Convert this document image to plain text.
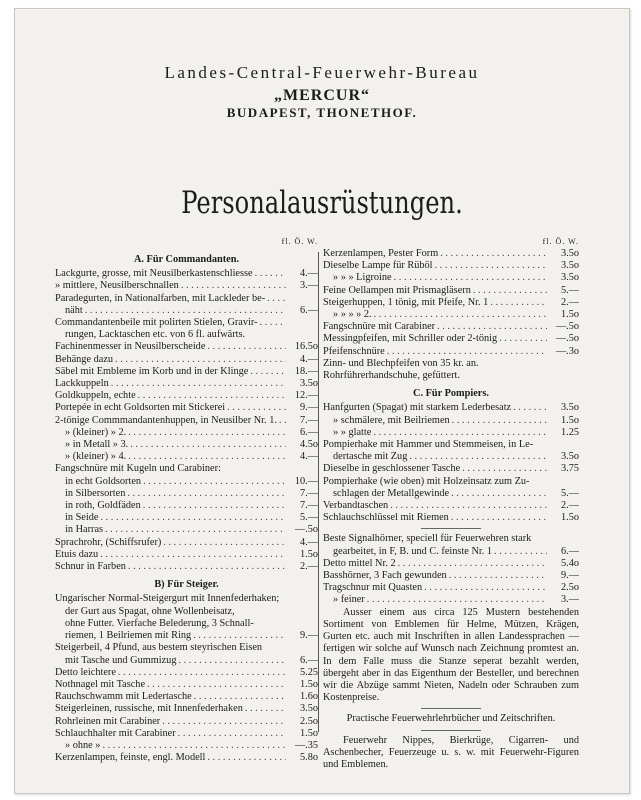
Landes-Central-Feuerwehr-Bureau
„MERCUR“
BUDAPEST, THONETHOF.
Personalausrüstungen.
fl. Ö. W.
A. Für Commandanten.
Lackgurte, grosse, mit Neusilberkastenschliesse . . .	4.—
» mittlere, Neusilberschnallen . . .	3.—
Paradegurten, in Nationalfarben, mit Lackleder be-
. . .
näht . . .	6.—
Commandantenbeile mit polirten Stielen, Gravir-
. . .
rungen, Lacktaschen etc. von 6 fl. aufwärts.
Fachinenmesser in Neusilberscheide . . .	16.5o
Behänge dazu . . .	4.—
Säbel mit Embleme im Korb und in der Klinge . . .	18.—
Lackkuppeln . . .	3.5o
Goldkuppeln, echte . . .	12.—
Portepée in echt Goldsorten mit Stickerei . . .	9.—
2-tönige Commmandantenhuppen, in Neusilber Nr. 1. . . .	7.—
» (kleiner) » 2. . . .	6.—
» in Metall » 3. . . .	4.5o
» (kleiner) » 4. . . .	4.—
Fangschnüre mit Kugeln und Carabiner:
in echt Goldsorten . . .	10.—
in Silbersorten . . .	7.—
in roth, Goldfäden . . .	7.—
in Seide . . .	5.—
in Harras . . .	—.5o
Sprachrohr, (Schiffsrufer) . . .	4.—
Etuis dazu . . .	1.5o
Schnur in Farben . . .	2.—
B) Für Steiger.
Ungarischer Normal-Steigergurt mit Innenfederhaken;
der Gurt aus Spagat, ohne Wollenbeisatz,
ohne Futter. Vierfache Belederung, 3 Schnall-
riemen, 1 Beilriemen mit Ring . . .	9.—
Steigerbeil, 4 Pfund, aus bestem steyrischen Eisen
mit Tasche und Gummizug . . .	6.—
Detto leichtere . . .	5.25
Nothnagel mit Tasche . . .	1.5o
Rauchschwamm mit Ledertasche . . .	1.6o
Steigerleinen, russische, mit Innenfederhaken . . .	3.5o
Rohrleinen mit Carabiner . . .	2.5o
Schlauchhalter mit Carabiner . . .	1.5o
» ohne » . . .	—.35
Kerzenlampen, feinste, engl. Modell . . .	5.8o
fl. Ö. W.
Kerzenlampen, Pester Form . . .	3.5o
Dieselbe Lampe für Rüböl . . .	3.5o
» » » Ligroine . . .	3.5o
Feine Oellampen mit Prismagläsern . . .	5.—
Steigerhuppen, 1 tönig, mit Pfeife, Nr. 1 . . .	2.—
» » » » 2. . . .	1.5o
Fangschnüre mit Carabiner . . .	—.5o
Messingpfeifen, mit Schriller oder 2-tönig . . .	—.5o
Pfeifenschnüre . . .	—.3o
Zinn- und Blechpfeifen von 35 kr. an.
Rohrführerhandschuhe, gefüttert.
C. Für Pompiers.
Hanfgurten (Spagat) mit starkem Lederbesatz . . .	3.5o
» schmälere, mit Beilriemen . . .	1.5o
» » glatte . . .	1.25
Pompierhake mit Hammer und Stemmeisen, in Le-
dertasche mit Zug . . .	3.5o
Dieselbe in geschlossener Tasche . . .	3.75
Pompierhake (wie oben) mit Holzeinsatz zum Zu-
schlagen der Metallgewinde . . .	5.—
Verbandtaschen . . .	2.—
Schlauchschlüssel mit Riemen . . .	1.5o
Beste Signalhörner, speciell für Feuerwehren stark
gearbeitet, in F, B. und C. feinste Nr. 1 . . .	6.—
Detto mittel Nr. 2 . . .	5.4o
Basshörner, 3 Fach gewunden . . .	9.—
Tragschnur mit Quasten . . .	2.5o
» feiner . . .	3.—
Ausser einem aus circa 125 Mustern bestehenden Sortiment von Emblemen für Helme, Mützen, Krägen, Gurten etc. auch mit Inschriften in allen Landessprachen — fertigen wir solche auf Wunsch nach Zeichnung promtest an. In dem Falle muss die Stanze seperat bezahlt werden, übergeht aber in das Eigenthum der Besteller, und berechnen wir die Abzüge sammt Nieten, Nadeln oder Schrauben zum Kostenpreise.
Practische Feuerwehrlehrbücher und Zeitschriften.
Feuerwehr Nippes, Bierkrüge, Cigarren- und Aschenbecher, Feuerzeuge u. s. w. mit Feuerwehr-Figuren und Emblemen.
